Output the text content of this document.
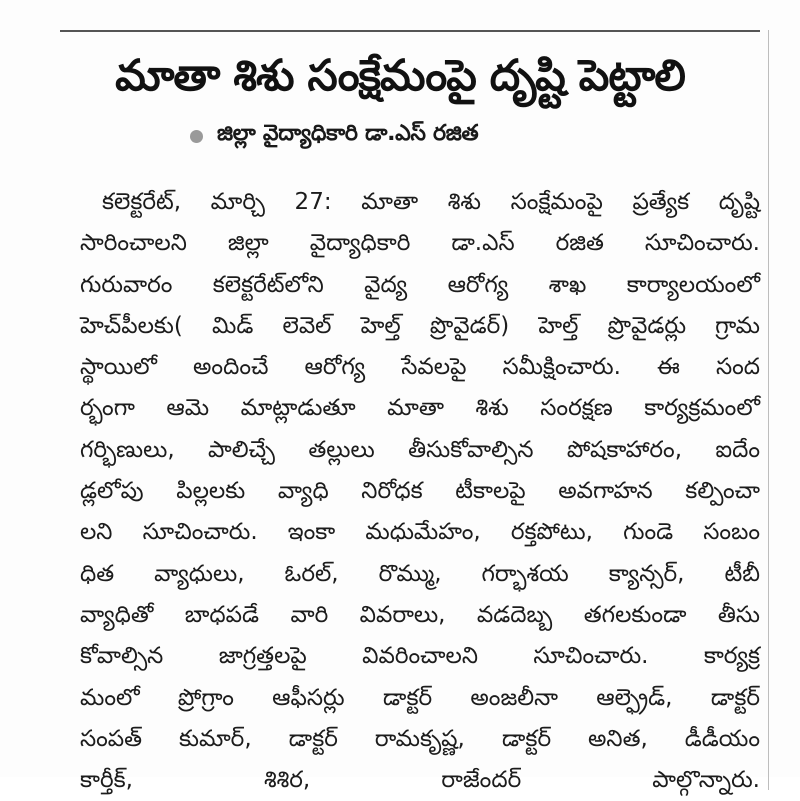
మాతా శిశు సంక్షేమంపై దృష్టి పెట్టాలి
జిల్లా వైద్యాధికారి డా.ఎస్ రజిత
కలెక్టరేట్, మార్చి 27: మాతా శిశు సంక్షేమంపై ప్రత్యేక దృష్టి
సారించాలని జిల్లా వైద్యాధికారి డా.ఎస్ రజిత సూచించారు.
గురువారం కలెక్టరేట్‌లోని వైద్య ఆరోగ్య శాఖ కార్యాలయంలో
హెచ్‌పీలకు( మిడ్ లెవెల్ హెల్త్ ప్రొవైడర్) హెల్త్ ప్రొవైడర్లు గ్రామ
స్థాయిలో అందించే ఆరోగ్య సేవలపై సమీక్షించారు. ఈ సంద
ర్భంగా ఆమె మాట్లాడుతూ మాతా శిశు సంరక్షణ కార్యక్రమంలో
గర్భిణులు, పాలిచ్చే తల్లులు తీసుకోవాల్సిన పోషకాహారం, ఐదేం
డ్లలోపు పిల్లలకు వ్యాధి నిరోధక టీకాలపై అవగాహన కల్పించా
లని సూచించారు. ఇంకా మధుమేహం, రక్తపోటు, గుండె సంబం
ధిత వ్యాధులు, ఓరల్, రొమ్ము, గర్భాశయ క్యాన్సర్, టీబీ
వ్యాధితో బాధపడే వారి వివరాలు, వడదెబ్బ తగలకుండా తీసు
కోవాల్సిన జాగ్రత్తలపై వివరించాలని సూచించారు. కార్యక్ర
మంలో ప్రోగ్రాం ఆఫీసర్లు డాక్టర్ అంజలీనా ఆల్ఫ్రెడ్, డాక్టర్
సంపత్ కుమార్, డాక్టర్ రామకృష్ణ, డాక్టర్ అనిత, డీడీయం
కార్తీక్, శిశిర, రాజేందర్ పాల్గొన్నారు.
